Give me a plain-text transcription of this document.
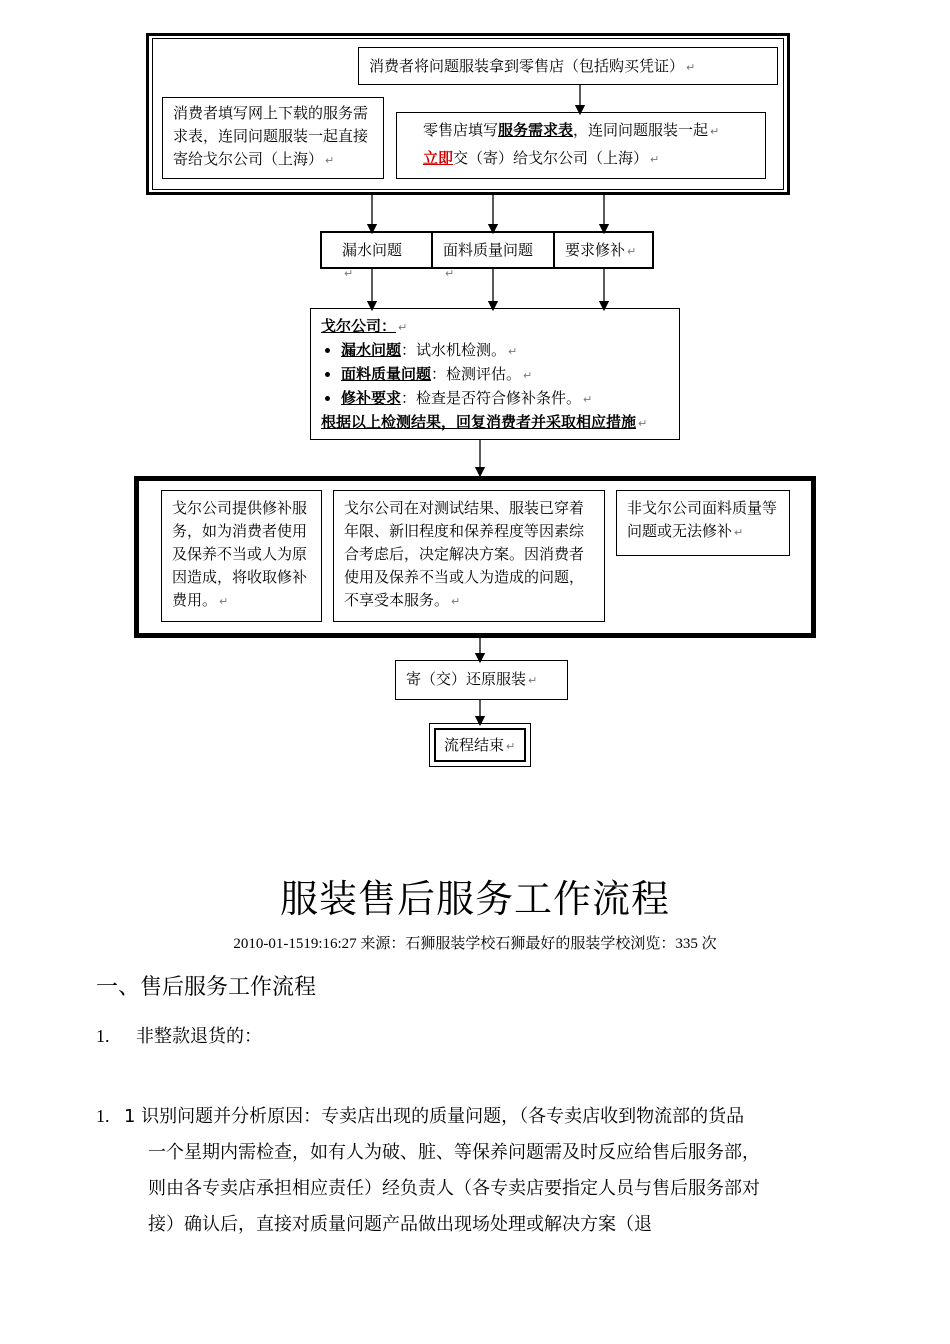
消费者将问题服装拿到零售店（包括购买凭证） ↵
消费者填写网上下载的服务需求表，连同问题服装一起直接寄给戈尔公司（上海） ↵
零售店填写服务需求表，连同问题服装一起 ↵
立即交（寄）给戈尔公司（上海） ↵
漏水问题↵
面料质量问题↵
要求修补 ↵
戈尔公司： ↵
• 漏水问题：试水机检测。 ↵
• 面料质量问题：检测评估。 ↵
• 修补要求：检查是否符合修补条件。 ↵
根据以上检测结果，回复消费者并采取相应措施 ↵
戈尔公司提供修补服务，如为消费者使用及保养不当或人为原因造成，将收取修补费用。 ↵
戈尔公司在对测试结果、服装已穿着年限、新旧程度和保养程度等因素综合考虑后，决定解决方案。因消费者使用及保养不当或人为造成的问题，不享受本服务。 ↵
非戈尔公司面料质量等问题或无法修补 ↵
寄（交）还原服装 ↵
流程结束 ↵
服装售后服务工作流程
2010-01-1519:16:27 来源：石狮服装学校石狮最好的服装学校浏览：335 次
一、售后服务工作流程
1. 非整款退货的：
1. 1 识别问题并分析原因：专卖店出现的质量问题，（各专卖店收到物流部的货品
一个星期内需检查，如有人为破、脏、等保养问题需及时反应给售后服务部，
则由各专卖店承担相应责任）经负责人（各专卖店要指定人员与售后服务部对
接）确认后，直接对质量问题产品做出现场处理或解决方案（退
